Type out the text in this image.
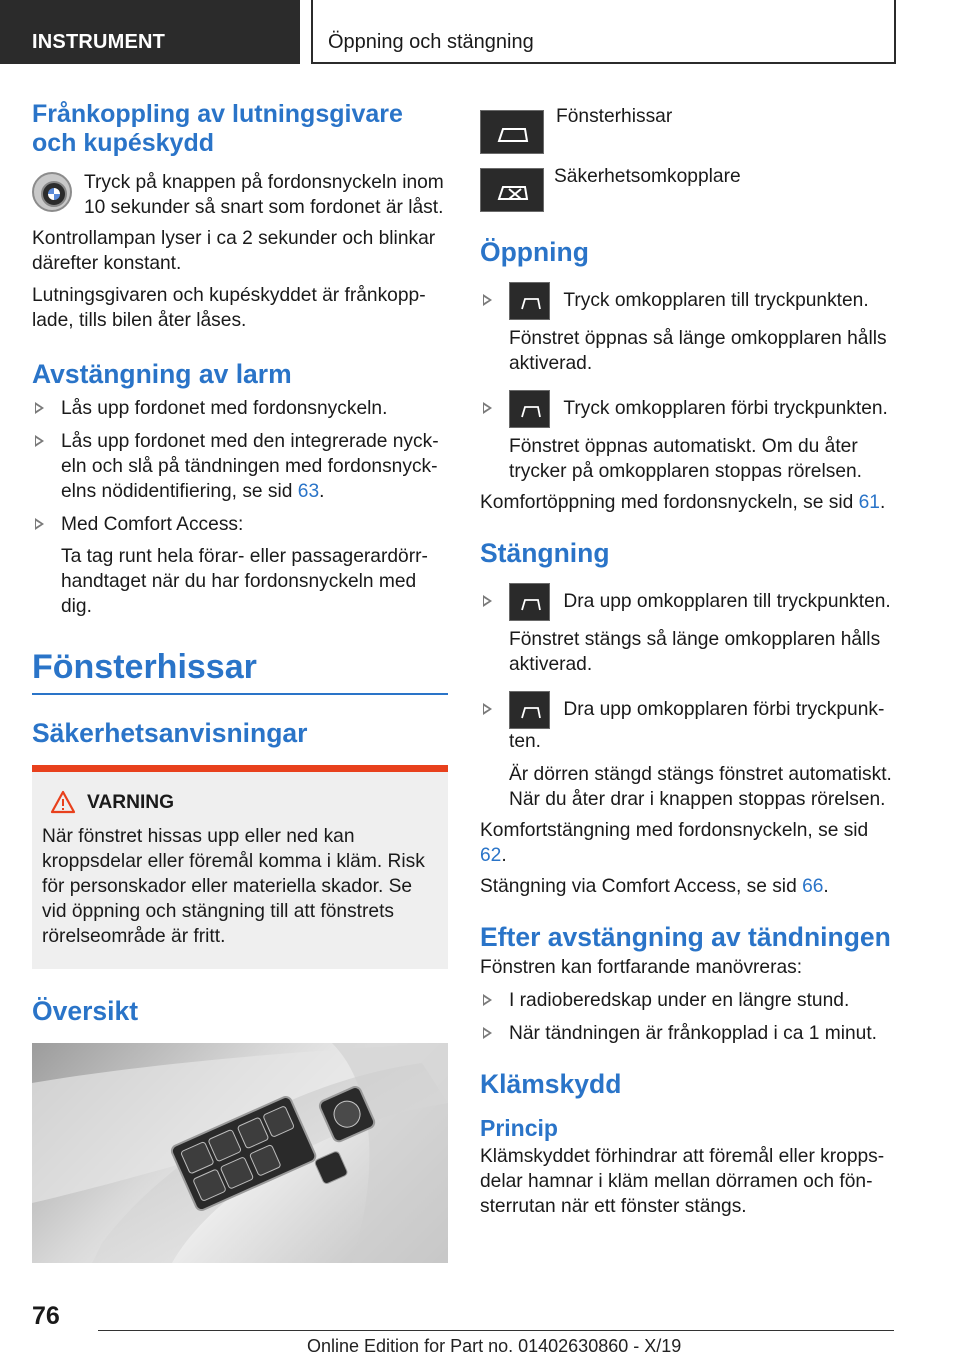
INSTRUMENT	Öppning och stängning
Frånkoppling av lutningsgivare och kupéskydd

Tryck på knappen på fordonsnyckeln inom 10 sekunder så snart som fordonet är låst.

Kontrollampan lyser i ca 2 sekunder och blinkar därefter konstant.

Lutningsgivaren och kupéskyddet är frånkopplade, tills bilen åter låses.

Avstängning av larm
Lås upp fordonet med fordonsnyckeln.
Lås upp fordonet med den integrerade nyckeln och slå på tändningen med fordonsnyckelns nödidentifiering, se sid 63.
Med Comfort Access:
Ta tag runt hela förar- eller passagerardörrhandtaget när du har fordonsnyckeln med dig.
Fönsterhissar
Säkerhetsanvisningar
VARNING

När fönstret hissas upp eller ned kan kroppsdelar eller föremål komma i kläm. Risk för personskador eller materiella skador. Se vid öppning och stängning till att fönstrets rörelseområde är fritt.

Översikt

Fönsterhissar

Säkerhetsomkopplare

Öppning
Tryck omkopplaren till tryckpunkten.
Fönstret öppnas så länge omkopplaren hålls aktiverad.
Tryck omkopplaren förbi tryckpunkten.
Fönstret öppnas automatiskt. Om du åter trycker på omkopplaren stoppas rörelsen.

Komfortöppning med fordonsnyckeln, se sid 61.

Stängning
Dra upp omkopplaren till tryckpunkten.
Fönstret stängs så länge omkopplaren hålls aktiverad.
Dra upp omkopplaren förbi tryckpunkten.
Är dörren stängd stängs fönstret automatiskt. När du åter drar i knappen stoppas rörelsen.

Komfortstängning med fordonsnyckeln, se sid 62.

Stängning via Comfort Access, se sid 66.

Efter avstängning av tändningen

Fönstren kan fortfarande manövreras:

I radioberedskap under en längre stund.
När tändningen är frånkopplad i ca 1 minut.
Klämskydd
Princip

Klämskyddet förhindrar att föremål eller kroppsdelar hamnar i kläm mellan dörramen och fönsterrutan när ett fönster stängs.

76
Online Edition for Part no. 01402630860 - X/19
